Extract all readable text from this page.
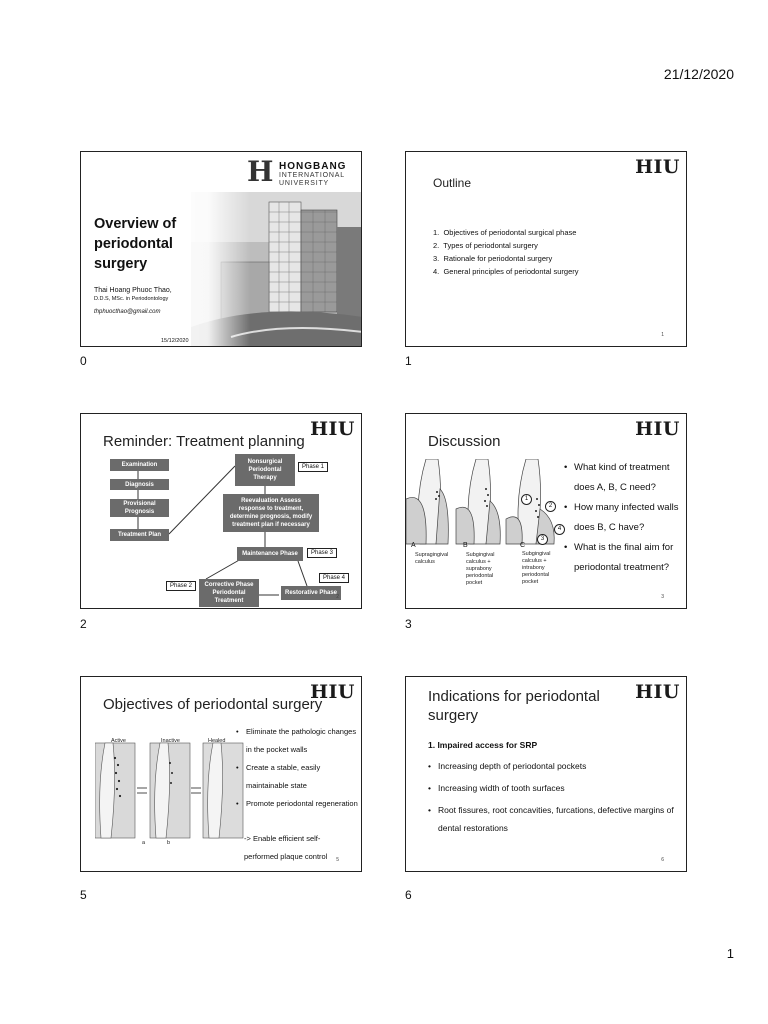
21/12/2020
H HONGBANG
INTERNATIONAL
UNIVERSITY
Overview of
periodontal
surgery
Thai Hoang Phuoc Thao,
D.D.S, MSc. in Periodontology
thphuocthao@gmail.com
15/12/2020
0
HIU
Outline
1.  Objectives of periodontal surgical phase
2.  Types of periodontal surgery
3.  Rationale for periodontal surgery
4.  General principles of periodontal surgery
1
1
HIU
Reminder: Treatment planning
Examination
Diagnosis
Provisional Prognosis
Treatment Plan
Nonsurgical Periodontal Therapy
Reevaluation Assess response to treatment, determine prognosis, modify treatment plan if necessary
Maintenance Phase
Corrective Phase Periodontal Treatment
Restorative Phase
Phase 1
Phase 3
Phase 4
Phase 2
2
2
HIU
Discussion
1
2
4
3
A	B	C
Supragingival calculus
Subgingival calculus + suprabony periodontal pocket
Subgingival calculus + intrabony periodontal pocket
• What kind of treatment does A, B, C need?
• How many infected walls does B, C have?
• What is the final aim for periodontal treatment?
3
3
HIU
Objectives of periodontal surgery
Active	Inactive	Healed
a	b
• Eliminate the pathologic changes in the pocket walls
• Create a stable, easily maintainable state
• Promote periodontal regeneration
-> Enable efficient self-performed plaque control	5
5
HIU
Indications for periodontal surgery
1. Impaired access for SRP
• Increasing depth of periodontal pockets
• Increasing width of tooth surfaces
• Root fissures, root concavities, furcations, defective margins of dental restorations
6
6
1
